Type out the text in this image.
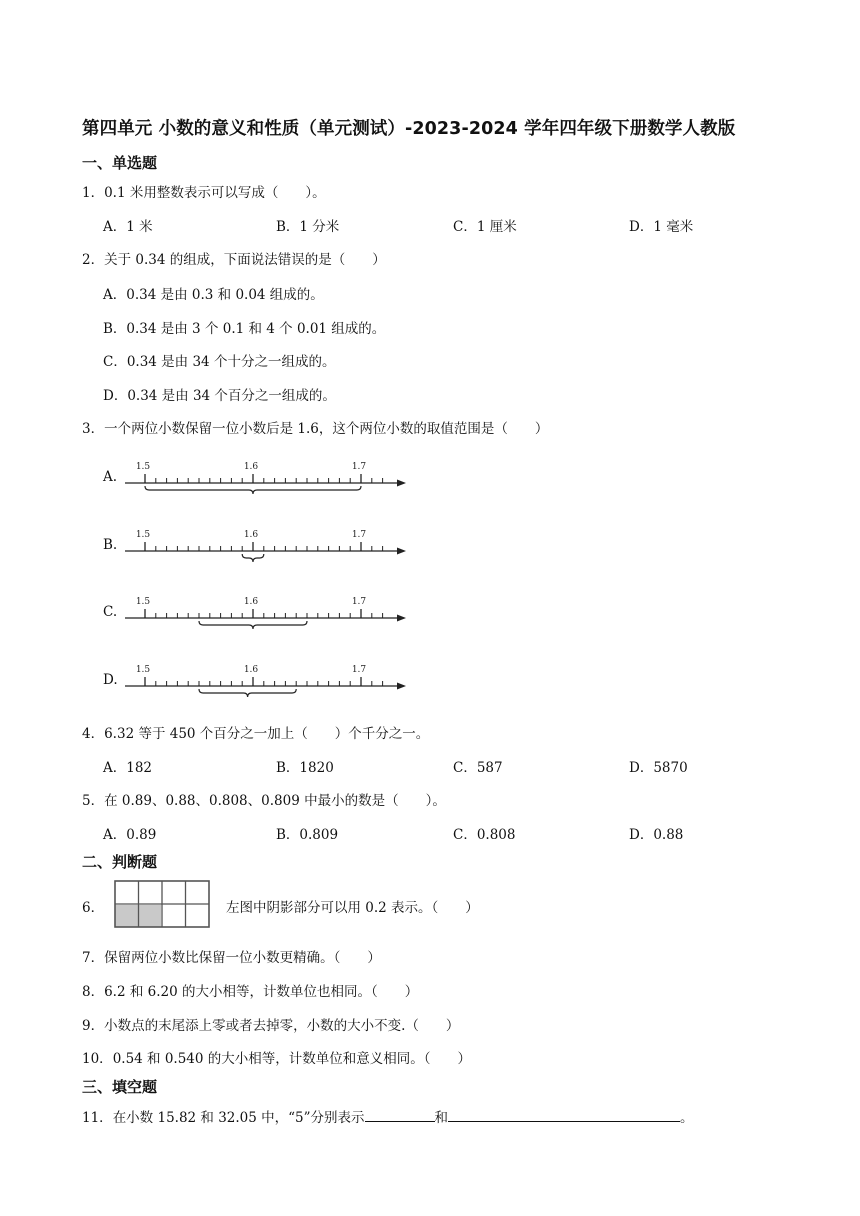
第四单元 小数的意义和性质（单元测试）-2023-2024 学年四年级下册数学人教版
一、单选题
1．0.1 米用整数表示可以写成（　　）。
A．1 米	B．1 分米	C．1 厘米	D．1 毫米
2．关于 0.34 的组成，下面说法错误的是（　　）
A．0.34 是由 0.3 和 0.04 组成的。
B．0.34 是由 3 个 0.1 和 4 个 0.01 组成的。
C．0.34 是由 34 个十分之一组成的。
D．0.34 是由 34 个百分之一组成的。
3．一个两位小数保留一位小数后是 1.6，这个两位小数的取值范围是（　　）
A.
1.5	1.6	1.7
B.
1.5	1.6	1.7
C.
1.5	1.6	1.7
D.
1.5	1.6	1.7
4．6.32 等于 450 个百分之一加上（　　）个千分之一。
A．182	B．1820	C．587	D．5870
5．在 0.89、0.88、0.808、0.809 中最小的数是（　　）。
A．0.89	B．0.809	C．0.808	D．0.88
二、判断题
6．	左图中阴影部分可以用 0.2 表示。（　　）
7．保留两位小数比保留一位小数更精确。（　　）
8．6.2 和 6.20 的大小相等，计数单位也相同。（　　）
9．小数点的末尾添上零或者去掉零，小数的大小不变.（　　）
10．0.54 和 0.540 的大小相等，计数单位和意义相同。（　　）
三、填空题
11．在小数 15.82 和 32.05 中，“5”分别表示	和	。
